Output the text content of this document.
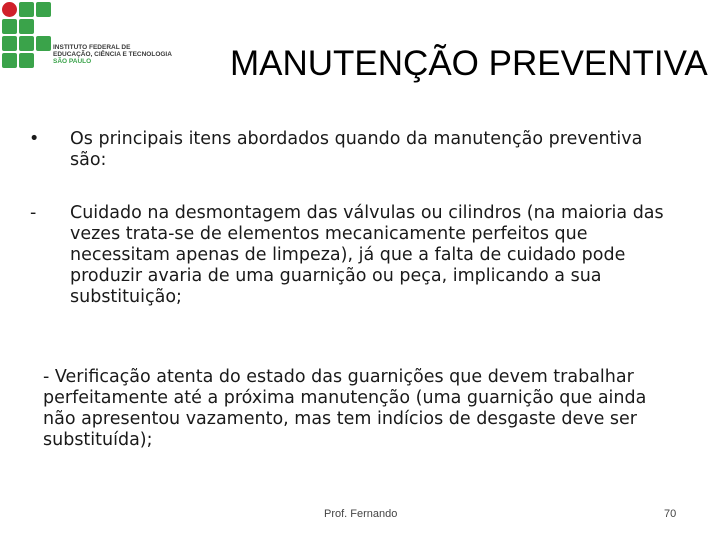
INSTITUTO FEDERAL DE
EDUCAÇÃO, CIÊNCIA E TECNOLOGIA
SÃO PAULO	MANUTENÇÃO PREVENTIVA
• Os principais itens abordados quando da manutenção preventiva são:
- Cuidado na desmontagem das válvulas ou cilindros (na maioria das vezes trata-se de elementos mecanicamente perfeitos que necessitam apenas de limpeza), já que a falta de cuidado pode produzir avaria de uma guarnição ou peça, implicando a sua substituição;
- Verificação atenta do estado das guarnições que devem trabalhar perfeitamente até a próxima manutenção (uma guarnição que ainda não apresentou vazamento, mas tem indícios de desgaste deve ser substituída);
Prof. Fernando	70
